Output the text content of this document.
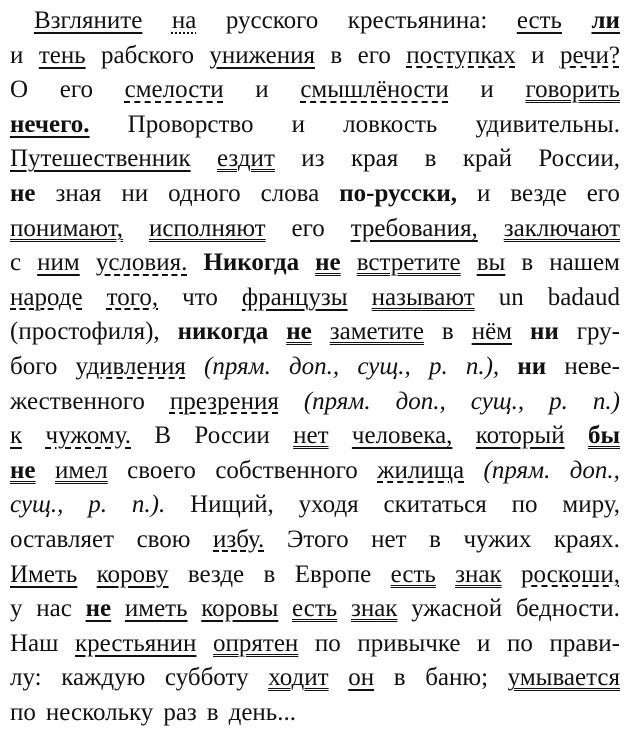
Взгляните на русского крестьянина: есть ли
и тень рабского унижения в его поступках и речи?
О его смелости и смышлёности и говорить
нечего. Проворство и ловкость удивительны.
Путешественник ездит из края в край России,
не зная ни одного слова по-русски, и везде его
понимают, исполняют его требования, заключают
с ним условия. Никогда не встретите вы в нашем
народе того, что французы называют un badaud
(простофиля), никогда не заметите в нём ни гру-
бого удивления (прям. доп., сущ., р. п.), ни неве-
жественного презрения (прям. доп., сущ., р. п.)
к чужому. В России нет человека, который бы
не имел своего собственного жилища (прям. доп.,
сущ., р. п.). Нищий, уходя скитаться по миру,
оставляет свою избу. Этого нет в чужих краях.
Иметь корову везде в Европе есть знак роскоши,
у нас не иметь коровы есть знак ужасной бедности.
Наш крестьянин опрятен по привычке и по прави-
лу: каждую субботу ходит он в баню; умывается
по нескольку раз в день...
